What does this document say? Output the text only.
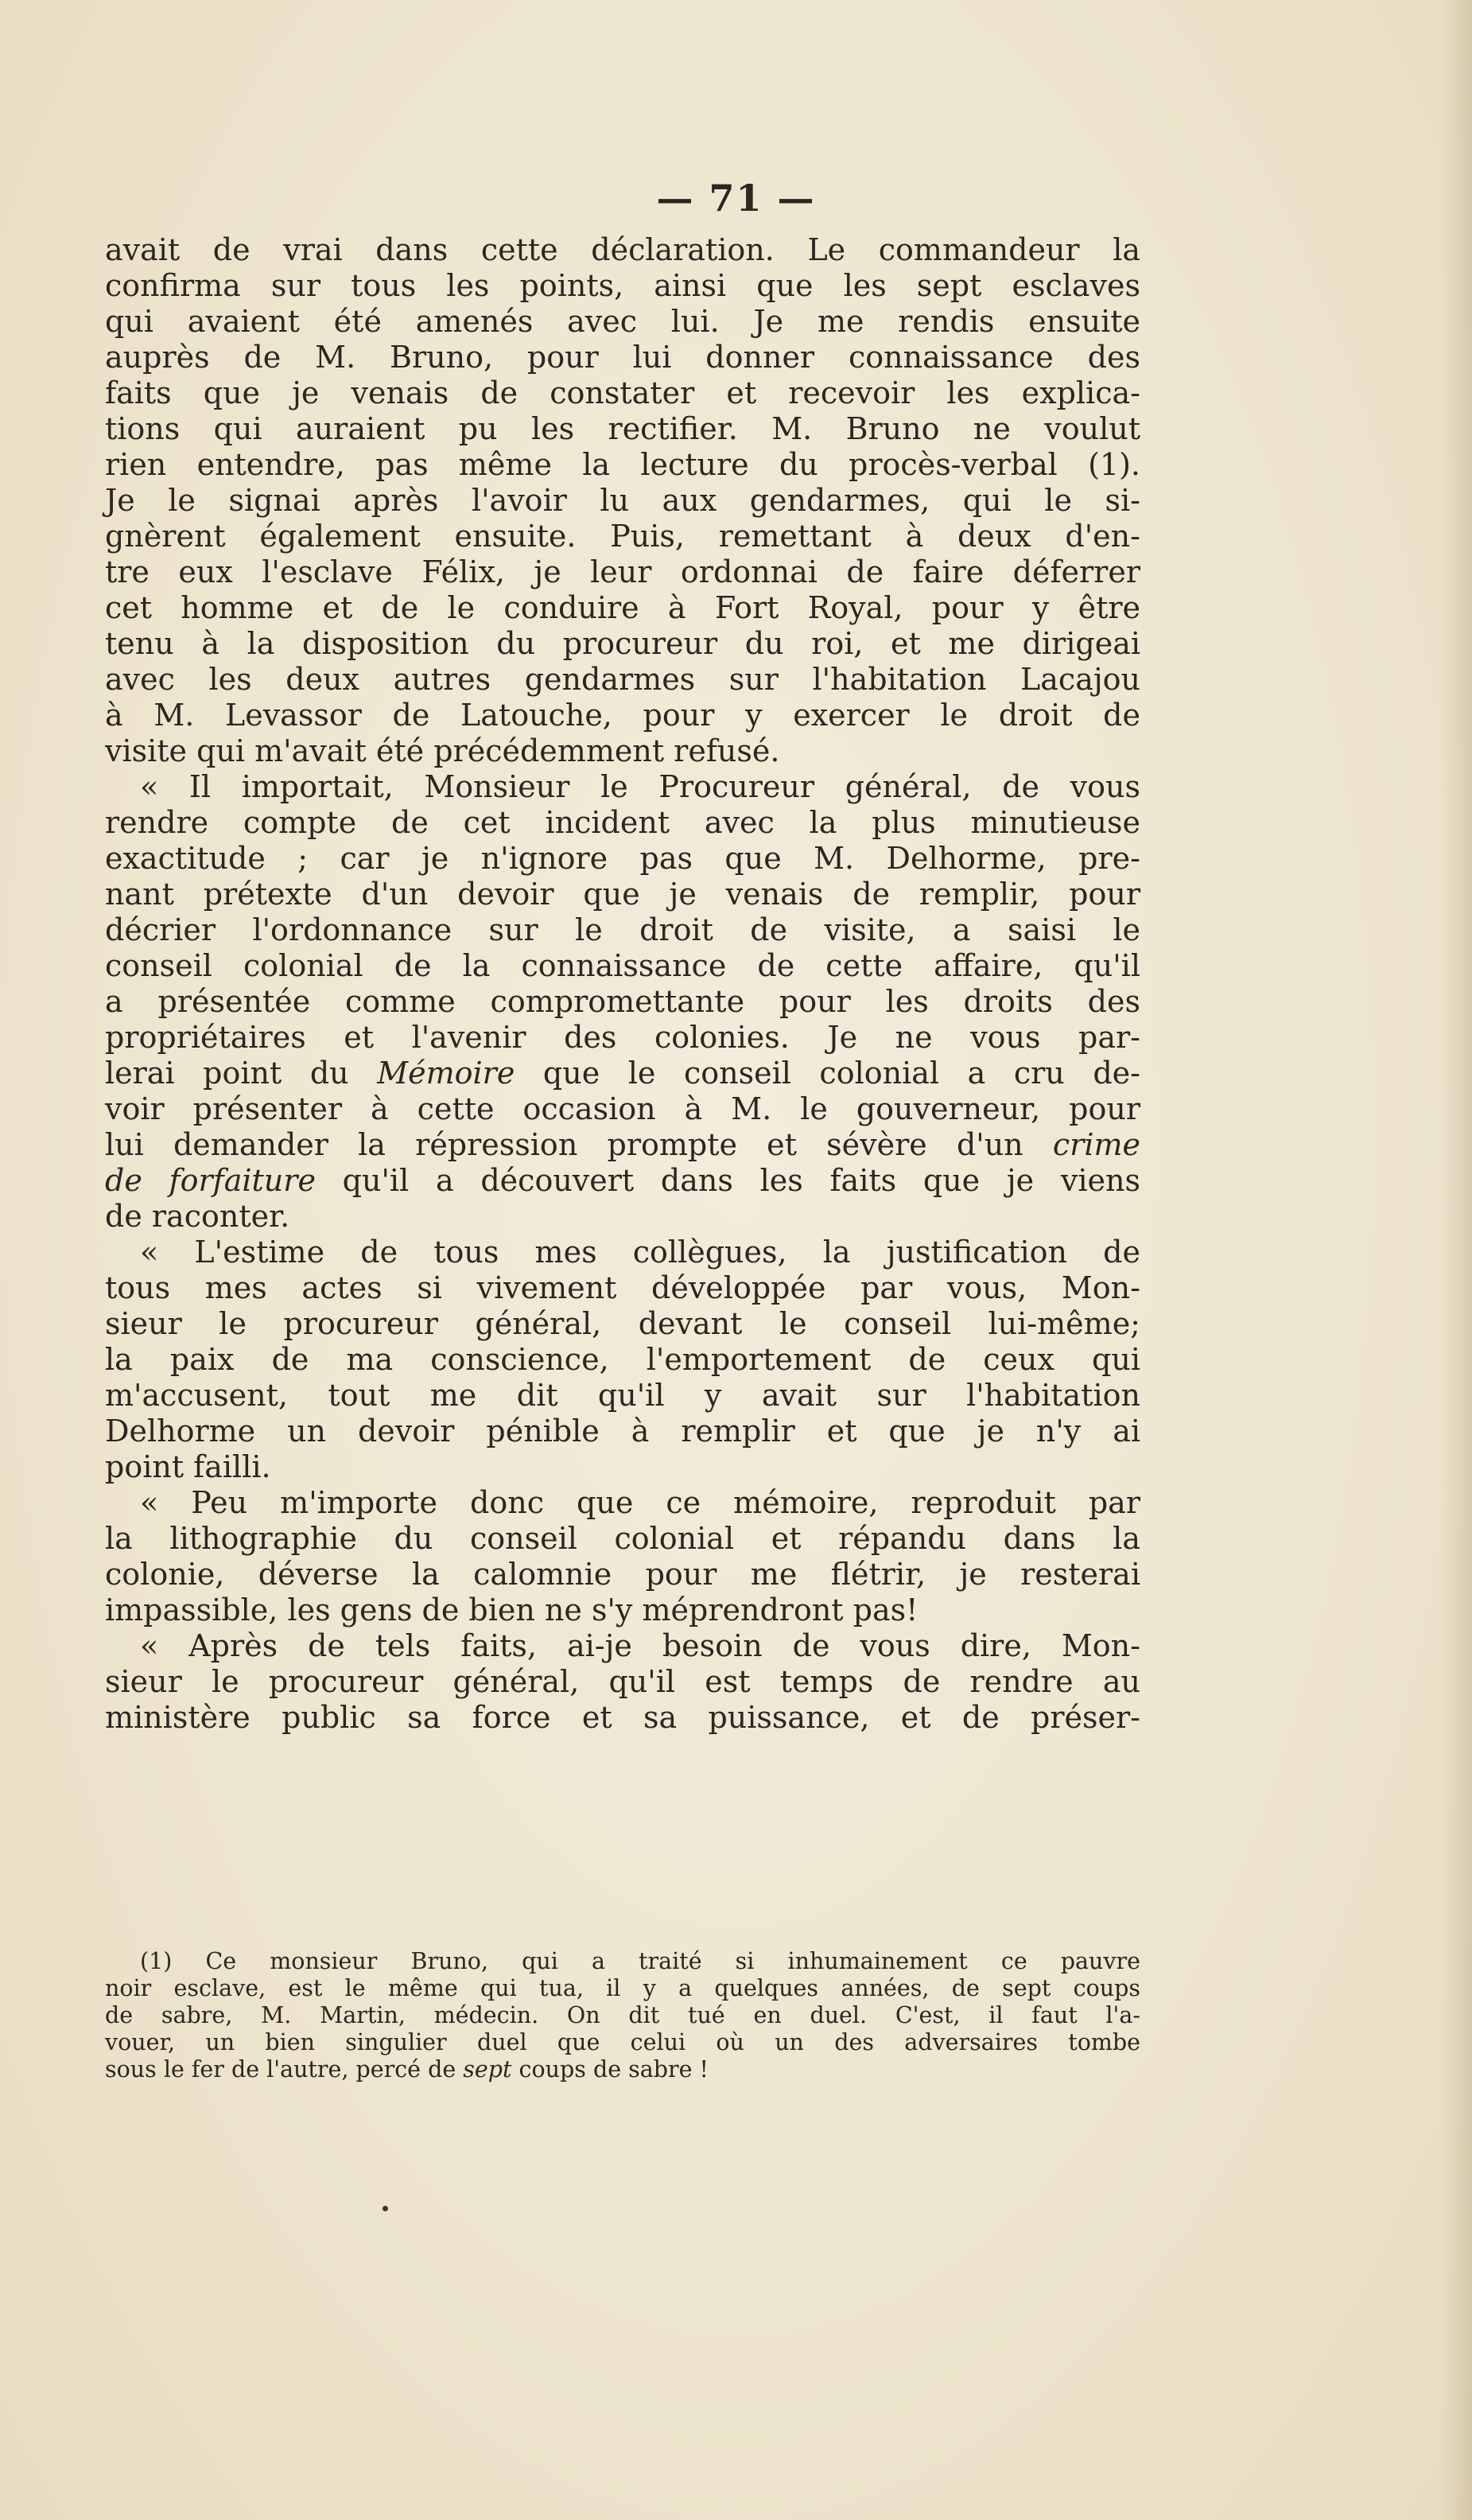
— 71 —
avait de vrai dans cette déclaration. Le commandeur la
confirma sur tous les points, ainsi que les sept esclaves
qui avaient été amenés avec lui. Je me rendis ensuite
auprès de M. Bruno, pour lui donner connaissance des
faits que je venais de constater et recevoir les explica-
tions qui auraient pu les rectifier. M. Bruno ne voulut
rien entendre, pas même la lecture du procès-verbal (1).
Je le signai après l'avoir lu aux gendarmes, qui le si-
gnèrent également ensuite. Puis, remettant à deux d'en-
tre eux l'esclave Félix, je leur ordonnai de faire déferrer
cet homme et de le conduire à Fort Royal, pour y être
tenu à la disposition du procureur du roi, et me dirigeai
avec les deux autres gendarmes sur l'habitation Lacajou
à M. Levassor de Latouche, pour y exercer le droit de
visite qui m'avait été précédemment refusé.
« Il importait, Monsieur le Procureur général, de vous
rendre compte de cet incident avec la plus minutieuse
exactitude ; car je n'ignore pas que M. Delhorme, pre-
nant prétexte d'un devoir que je venais de remplir, pour
décrier l'ordonnance sur le droit de visite, a saisi le
conseil colonial de la connaissance de cette affaire, qu'il
a présentée comme compromettante pour les droits des
propriétaires et l'avenir des colonies. Je ne vous par-
lerai point du Mémoire que le conseil colonial a cru de-
voir présenter à cette occasion à M. le gouverneur, pour
lui demander la répression prompte et sévère d'un crime
de forfaiture qu'il a découvert dans les faits que je viens
de raconter.
« L'estime de tous mes collègues, la justification de
tous mes actes si vivement développée par vous, Mon-
sieur le procureur général, devant le conseil lui-même;
la paix de ma conscience, l'emportement de ceux qui
m'accusent, tout me dit qu'il y avait sur l'habitation
Delhorme un devoir pénible à remplir et que je n'y ai
point failli.
« Peu m'importe donc que ce mémoire, reproduit par
la lithographie du conseil colonial et répandu dans la
colonie, déverse la calomnie pour me flétrir, je resterai
impassible, les gens de bien ne s'y méprendront pas!
« Après de tels faits, ai-je besoin de vous dire, Mon-
sieur le procureur général, qu'il est temps de rendre au
ministère public sa force et sa puissance, et de préser-
(1) Ce monsieur Bruno, qui a traité si inhumainement ce pauvre
noir esclave, est le même qui tua, il y a quelques années, de sept coups
de sabre, M. Martin, médecin. On dit tué en duel. C'est, il faut l'a-
vouer, un bien singulier duel que celui où un des adversaires tombe
sous le fer de l'autre, percé de sept coups de sabre !
